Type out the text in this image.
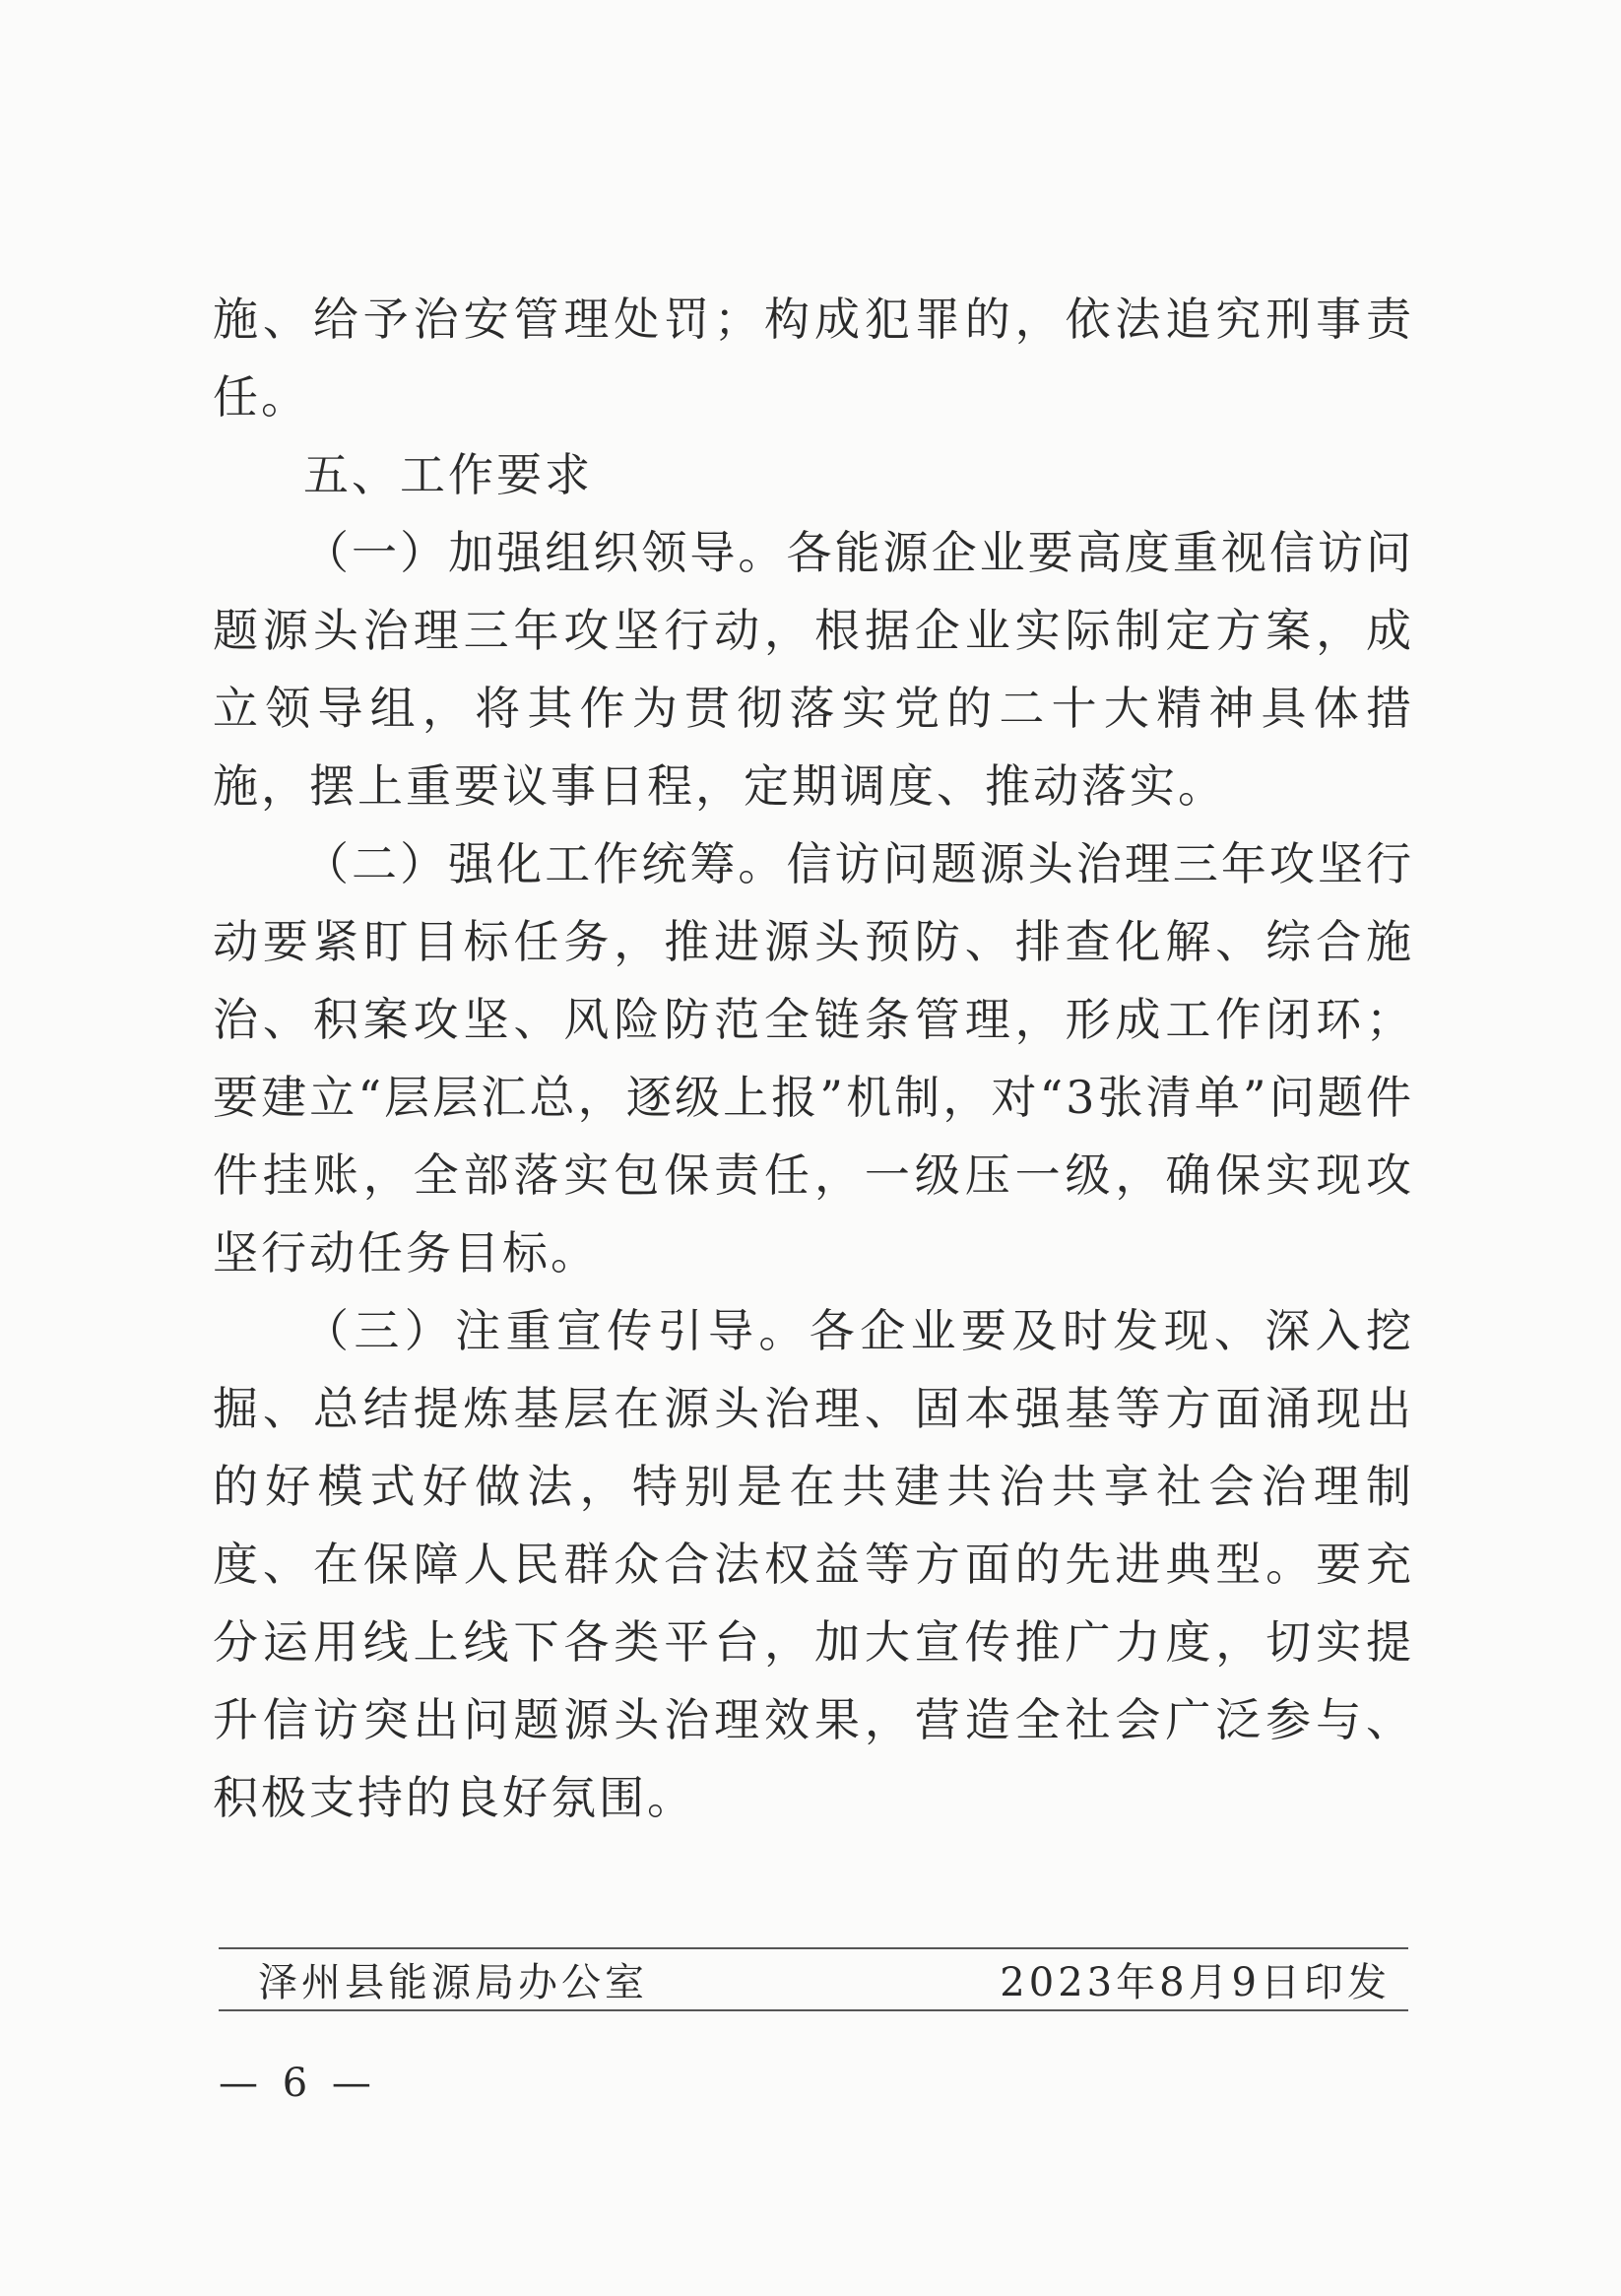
施、给予治安管理处罚；构成犯罪的，依法追究刑事责任。

五、工作要求

（一）加强组织领导。各能源企业要高度重视信访问题源头治理三年攻坚行动，根据企业实际制定方案，成立领导组，将其作为贯彻落实党的二十大精神具体措施，摆上重要议事日程，定期调度、推动落实。

（二）强化工作统筹。信访问题源头治理三年攻坚行动要紧盯目标任务，推进源头预防、排查化解、综合施治、积案攻坚、风险防范全链条管理，形成工作闭环；要建立“层层汇总，逐级上报”机制，对“3张清单”问题件件挂账，全部落实包保责任，一级压一级，确保实现攻坚行动任务目标。

（三）注重宣传引导。各企业要及时发现、深入挖掘、总结提炼基层在源头治理、固本强基等方面涌现出的好模式好做法，特别是在共建共治共享社会治理制度、在保障人民群众合法权益等方面的先进典型。要充分运用线上线下各类平台，加大宣传推广力度，切实提升信访突出问题源头治理效果，营造全社会广泛参与、积极支持的良好氛围。

泽州县能源局办公室	2023年8月9日印发
— 6 —
